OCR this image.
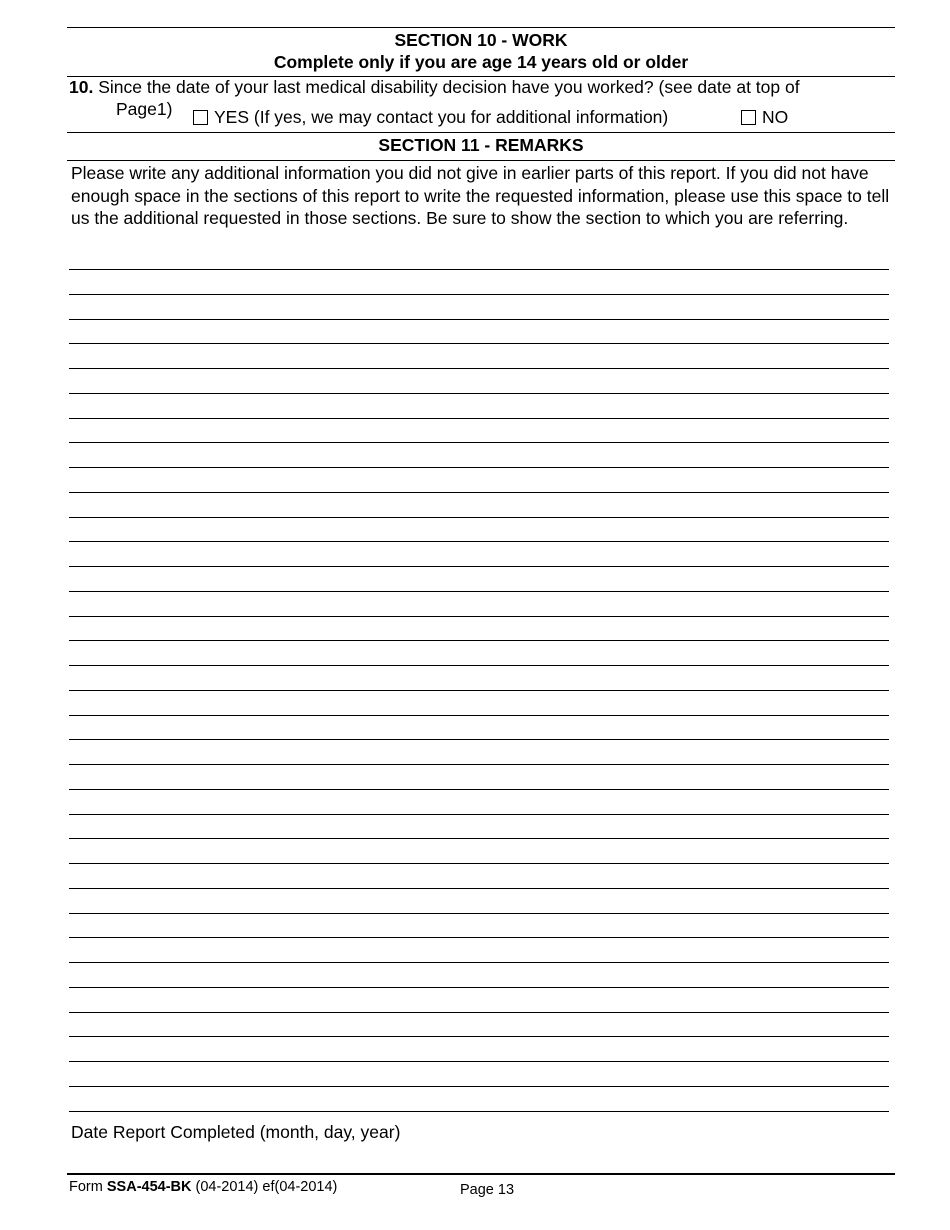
SECTION 10 - WORK
Complete only if you are age 14 years old or older
10. Since the date of your last medical disability decision have you worked? (see date at top of
Page1)	YES (If yes, we may contact you for additional information)	NO
SECTION 11 - REMARKS
Please write any additional information you did not give in earlier parts of this report. If you did not have enough space in the sections of this report to write the requested information, please use this space to tell us the additional requested in those sections. Be sure to show the section to which you are referring.
Date Report Completed (month, day, year)
Form SSA-454-BK (04-2014) ef(04-2014)	Page 13
